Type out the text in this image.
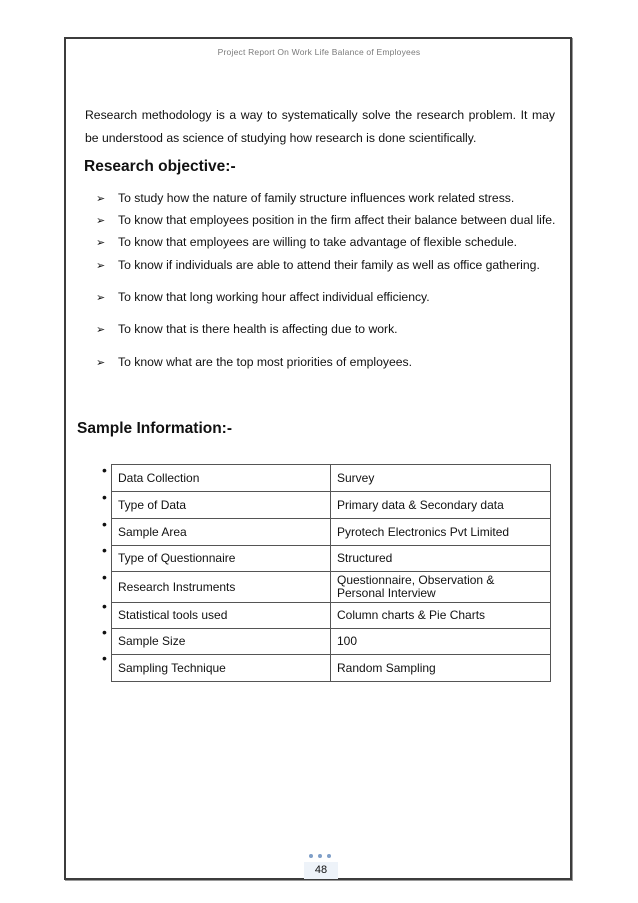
Project Report On Work Life Balance of Employees
Research methodology is a way to systematically solve the research problem. It may be understood as science of studying how research is done scientifically.
Research objective:-
➢	To study how the nature of family structure influences work related stress.
➢	To know that employees position in the firm affect their balance between dual life.
➢	To know that employees are willing to take advantage of flexible schedule.
➢	To know if individuals are able to attend their family as well as office gathering.
➢	To know that long working hour affect individual efficiency.
➢	To know that is there health is affecting due to work.
➢	To know what are the top most priorities of employees.
Sample Information:-
•
•
•
•
•
•
•
•
Data Collection	Survey
Type of Data	Primary data & Secondary data
Sample Area	Pyrotech Electronics Pvt Limited
Type of Questionnaire	Structured
Research Instruments	Questionnaire, Observation & Personal Interview
Statistical tools used	Column charts & Pie Charts
Sample Size	100
Sampling Technique	Random Sampling
48
